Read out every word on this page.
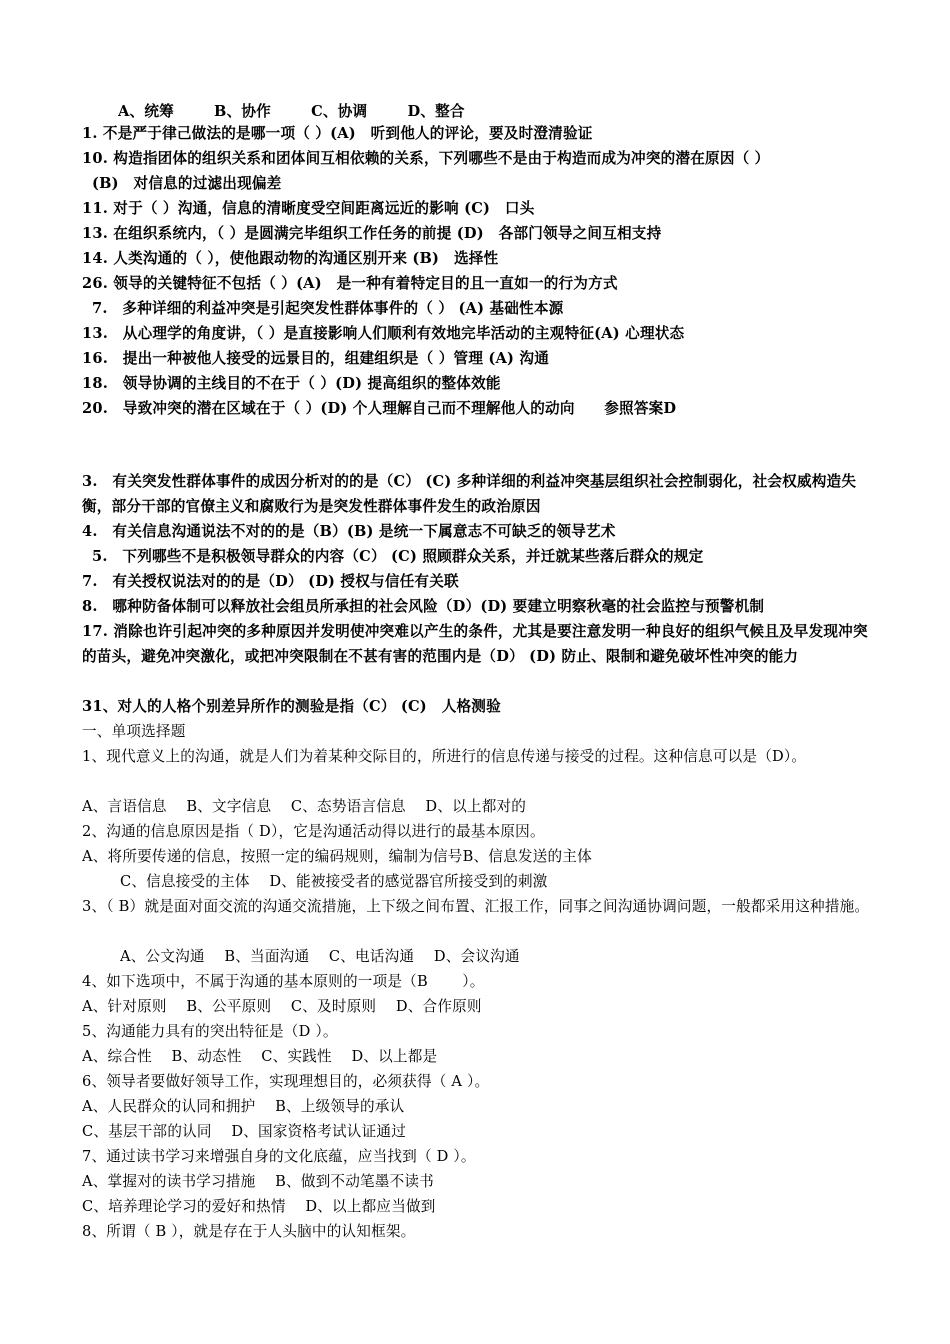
A、统筹 　　 B、协作 　　 C、协调 　　 D、整合
1. 不是严于律己做法的是哪一项（ ）(A)　听到他人的评论，要及时澄清验证
10. 构造指团体的组织关系和团体间互相依赖的关系，下列哪些不是由于构造而成为冲突的潜在原因（ ）
(B)　对信息的过滤出现偏差
11. 对于（ ）沟通，信息的清晰度受空间距离远近的影响 (C)　口头
13. 在组织系统内，（ ）是圆满完毕组织工作任务的前提 (D)　各部门领导之间互相支持
14. 人类沟通的（ ），使他跟动物的沟通区别开来 (B)　选择性
26. 领导的关键特征不包括（ ）(A)　是一种有着特定目的且一直如一的行为方式
7.　多种详细的利益冲突是引起突发性群体事件的（ ） (A) 基础性本源
13.　从心理学的角度讲，（ ）是直接影响人们顺利有效地完毕活动的主观特征(A) 心理状态
16.　提出一种被他人接受的远景目的，组建组织是（ ）管理 (A) 沟通
18.　领导协调的主线目的不在于（ ）(D) 提高组织的整体效能
20.　导致冲突的潜在区域在于（ ）(D) 个人理解自己而不理解他人的动向　　参照答案D
3.　有关突发性群体事件的成因分析对的的是（C） (C) 多种详细的利益冲突基层组织社会控制弱化，社会权威构造失衡，部分干部的官僚主义和腐败行为是突发性群体事件发生的政治原因
4.　有关信息沟通说法不对的的是（B）(B) 是统一下属意志不可缺乏的领导艺术
5.　下列哪些不是积极领导群众的内容（C） (C) 照顾群众关系，并迁就某些落后群众的规定
7.　有关授权说法对的的是（D） (D) 授权与信任有关联
8.　哪种防备体制可以释放社会组员所承担的社会风险（D）(D) 要建立明察秋毫的社会监控与预警机制
17. 消除也许引起冲突的多种原因并发明使冲突难以产生的条件，尤其是要注意发明一种良好的组织气候且及早发现冲突的苗头，避免冲突激化，或把冲突限制在不甚有害的范围内是（D） (D) 防止、限制和避免破坏性冲突的能力
31、对人的人格个别差异所作的测验是指（C） (C)　人格测验
一、单项选择题
1、现代意义上的沟通，就是人们为着某种交际目的，所进行的信息传递与接受的过程。这种信息可以是（D）。
A、言语信息　 B、文字信息　 C、态势语言信息　 D、以上都对的
2、沟通的信息原因是指（ D），它是沟通活动得以进行的最基本原因。
A、将所要传递的信息，按照一定的编码规则，编制为信号B、信息发送的主体
C、信息接受的主体　 D、能被接受者的感觉器官所接受到的刺激
3、（ B）就是面对面交流的沟通交流措施，上下级之间布置、汇报工作，同事之间沟通协调问题，一般都采用这种措施。
A、公文沟通　 B、当面沟通　 C、电话沟通　 D、会议沟通
4、如下选项中，不属于沟通的基本原则的一项是（B　　 ）。
A、针对原则　 B、公平原则　 C、及时原则　 D、合作原则
5、沟通能力具有的突出特征是（D ）。
A、综合性　 B、动态性　 C、实践性　 D、以上都是
6、领导者要做好领导工作，实现理想目的，必须获得（ A ）。
A、人民群众的认同和拥护　 B、上级领导的承认
C、基层干部的认同　 D、国家资格考试认证通过
7、通过读书学习来增强自身的文化底蕴，应当找到（ D ）。
A、掌握对的读书学习措施　 B、做到不动笔墨不读书
C、培养理论学习的爱好和热情　 D、以上都应当做到
8、所谓（ B ），就是存在于人头脑中的认知框架。
